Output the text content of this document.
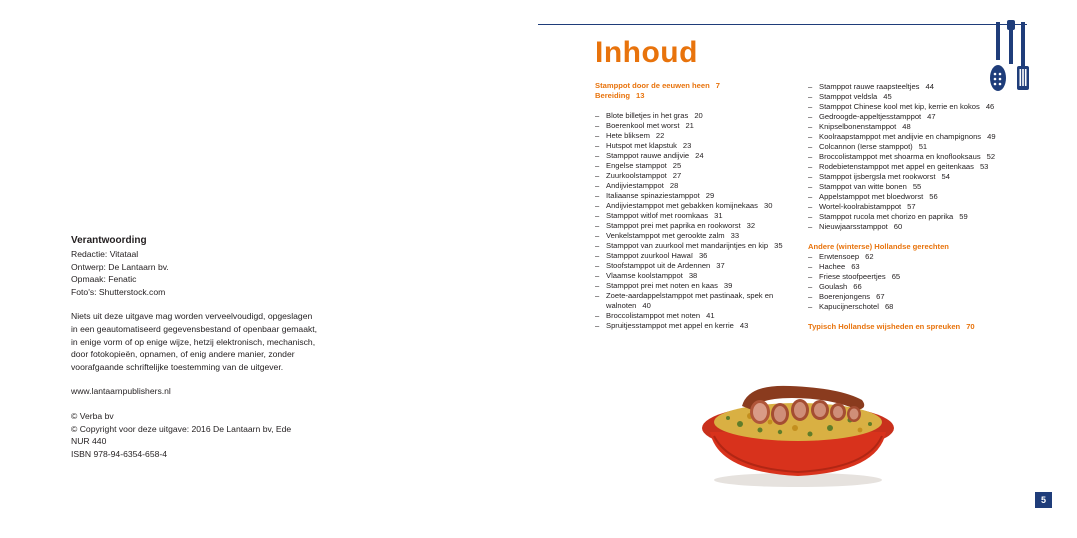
Verantwoording

Redactie: Vitataal

Ontwerp: De Lantaarn bv.

Opmaak: Fenatic

Foto's: Shutterstock.com

Niets uit deze uitgave mag worden verveelvoudigd, opgeslagen

in een geautomatiseerd gegevensbestand of openbaar gemaakt,

in enige vorm of op enige wijze, hetzij elektronisch, mechanisch,

door fotokopieën, opnamen, of enig andere manier, zonder

voorafgaande schriftelijke toestemming van de uitgever.

www.lantaarnpublishers.nl

© Verba bv

© Copyright voor deze uitgave: 2016 De Lantaarn bv, Ede

NUR 440

ISBN 978-94-6354-658-4

Inhoud
Stamppot door de eeuwen heen 7
Bereiding 13
– Blote billetjes in het gras 20
– Boerenkool met worst 21
– Hete bliksem 22
– Hutspot met klapstuk 23
– Stamppot rauwe andijvie 24
– Engelse stamppot 25
– Zuurkoolstamppot 27
– Andijviestamppot 28
– Italiaanse spinaziestamppot 29
– Andijviestamppot met gebakken komijnekaas 30
– Stamppot witlof met roomkaas 31
– Stamppot prei met paprika en rookworst 32
– Venkelstamppot met gerookte zalm 33
– Stamppot van zuurkool met mandarijntjes en kip 35
– Stamppot zuurkool Hawaï 36
– Stoofstamppot uit de Ardennen 37
– Vlaamse koolstamppot 38
– Stamppot prei met noten en kaas 39
– Zoete-aardappelstamppot met pastinaak, spek en
walnoten 40
– Broccolistamppot met noten 41
– Spruitjesstamppot met appel en kerrie 43
– Stamppot rauwe raapsteeltjes 44
– Stamppot veldsla 45
– Stamppot Chinese kool met kip, kerrie en kokos 46
– Gedroogde-appeltjesstamppot 47
– Knipselbonenstamppot 48
– Koolraapstamppot met andijvie en champignons 49
– Colcannon (Ierse stamppot) 51
– Broccolistamppot met shoarma en knoflooksaus 52
– Rodebietenstamppot met appel en geitenkaas 53
– Stamppot ijsbergsla met rookworst 54
– Stamppot van witte bonen 55
– Appelstamppot met bloedworst 56
– Wortel-koolrabistamppot 57
– Stamppot rucola met chorizo en paprika 59
– Nieuwjaarsstamppot 60
Andere (winterse) Hollandse gerechten
– Erwtensoep 62
– Hachee 63
– Friese stoofpeertjes 65
– Goulash 66
– Boerenjongens 67
– Kapucijnerschotel 68
Typisch Hollandse wijsheden en spreuken 70
5
